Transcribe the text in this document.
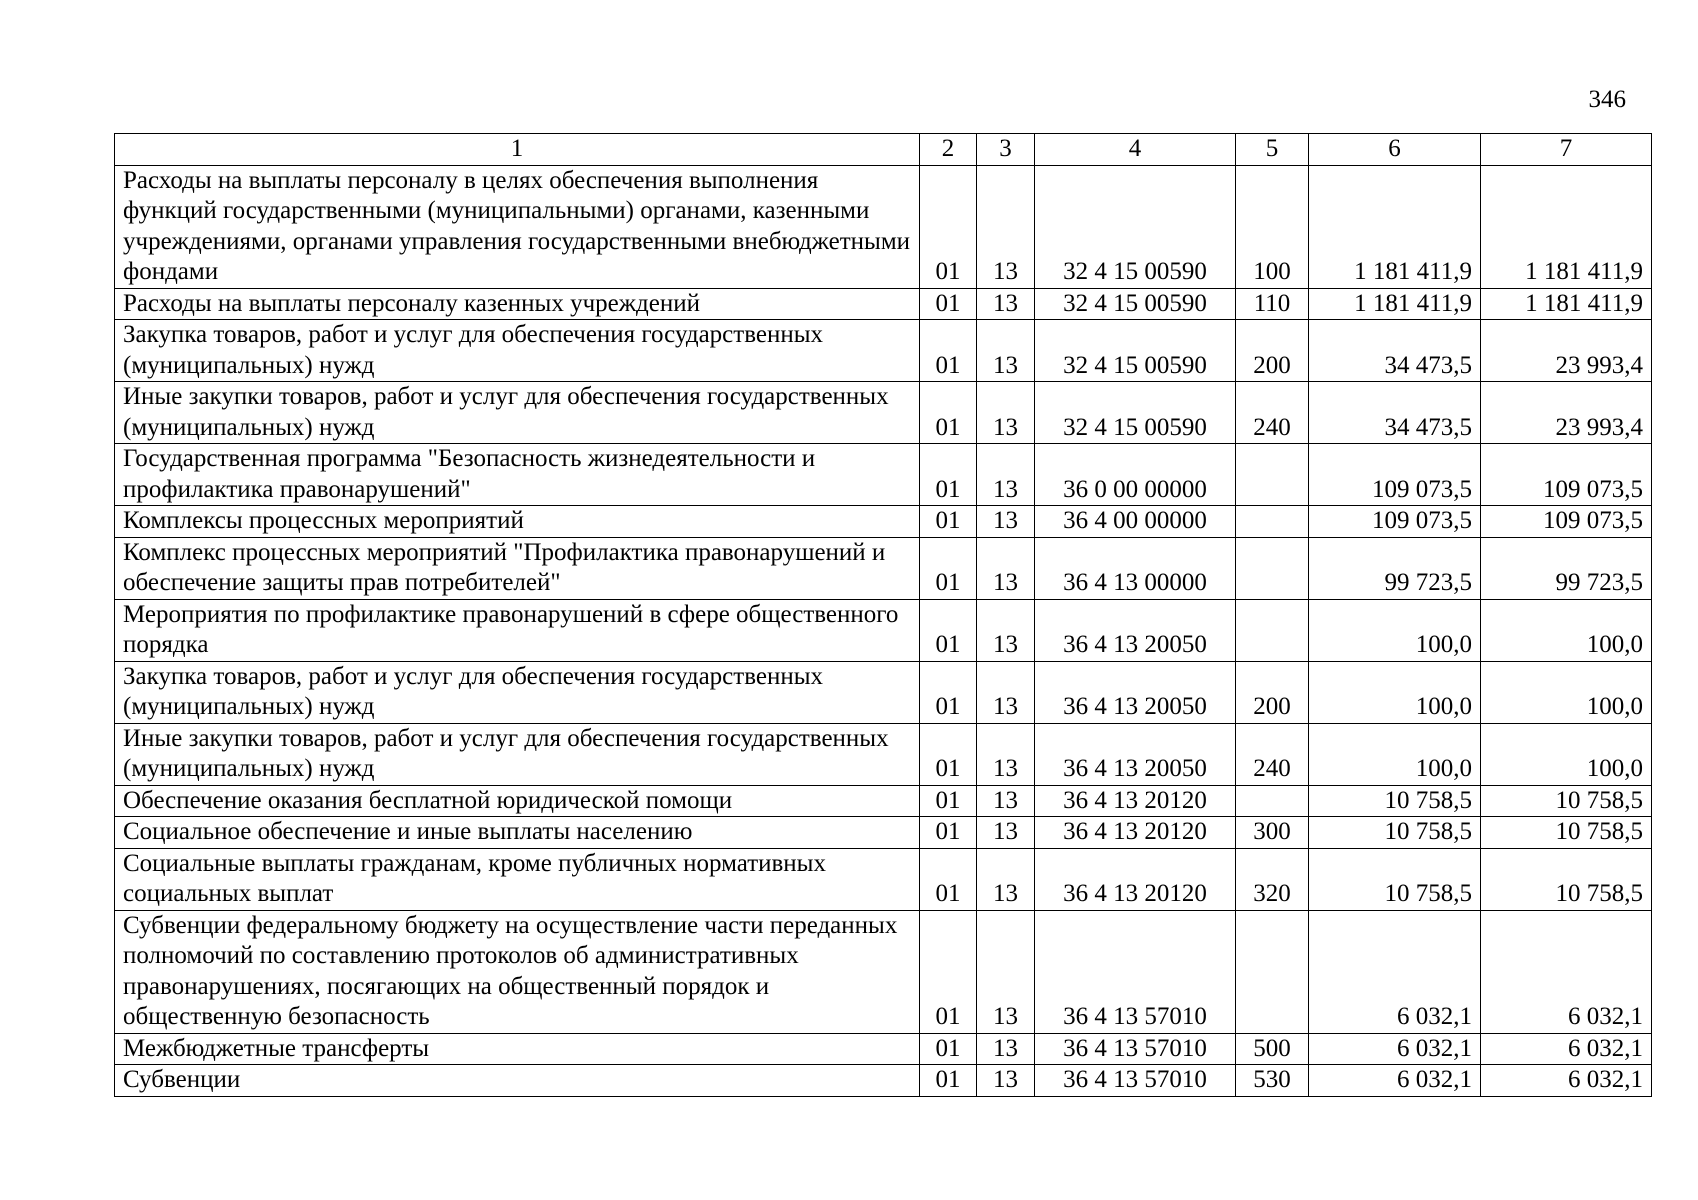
346
1	2	3	4	5	6	7
Расходы на выплаты персоналу в целях обеспечения выполнения функций государственными (муниципальными) органами, казенными учреждениями, органами управления государственными внебюджетными фондами	01	13	32 4 15 00590	100	1 181 411,9	1 181 411,9
Расходы на выплаты персоналу казенных учреждений	01	13	32 4 15 00590	110	1 181 411,9	1 181 411,9
Закупка товаров, работ и услуг для обеспечения государственных (муниципальных) нужд	01	13	32 4 15 00590	200	34 473,5	23 993,4
Иные закупки товаров, работ и услуг для обеспечения государственных (муниципальных) нужд	01	13	32 4 15 00590	240	34 473,5	23 993,4
Государственная программа "Безопасность жизнедеятельности и профилактика правонарушений"	01	13	36 0 00 00000		109 073,5	109 073,5
Комплексы процессных мероприятий	01	13	36 4 00 00000		109 073,5	109 073,5
Комплекс процессных мероприятий "Профилактика правонарушений и обеспечение защиты прав потребителей"	01	13	36 4 13 00000		99 723,5	99 723,5
Мероприятия по профилактике правонарушений в сфере общественного порядка	01	13	36 4 13 20050		100,0	100,0
Закупка товаров, работ и услуг для обеспечения государственных (муниципальных) нужд	01	13	36 4 13 20050	200	100,0	100,0
Иные закупки товаров, работ и услуг для обеспечения государственных (муниципальных) нужд	01	13	36 4 13 20050	240	100,0	100,0
Обеспечение оказания бесплатной юридической помощи	01	13	36 4 13 20120		10 758,5	10 758,5
Социальное обеспечение и иные выплаты населению	01	13	36 4 13 20120	300	10 758,5	10 758,5
Социальные выплаты гражданам, кроме публичных нормативных социальных выплат	01	13	36 4 13 20120	320	10 758,5	10 758,5
Субвенции федеральному бюджету на осуществление части переданных полномочий по составлению протоколов об административных правонарушениях, посягающих на общественный порядок и общественную безопасность	01	13	36 4 13 57010		6 032,1	6 032,1
Межбюджетные трансферты	01	13	36 4 13 57010	500	6 032,1	6 032,1
Субвенции	01	13	36 4 13 57010	530	6 032,1	6 032,1
